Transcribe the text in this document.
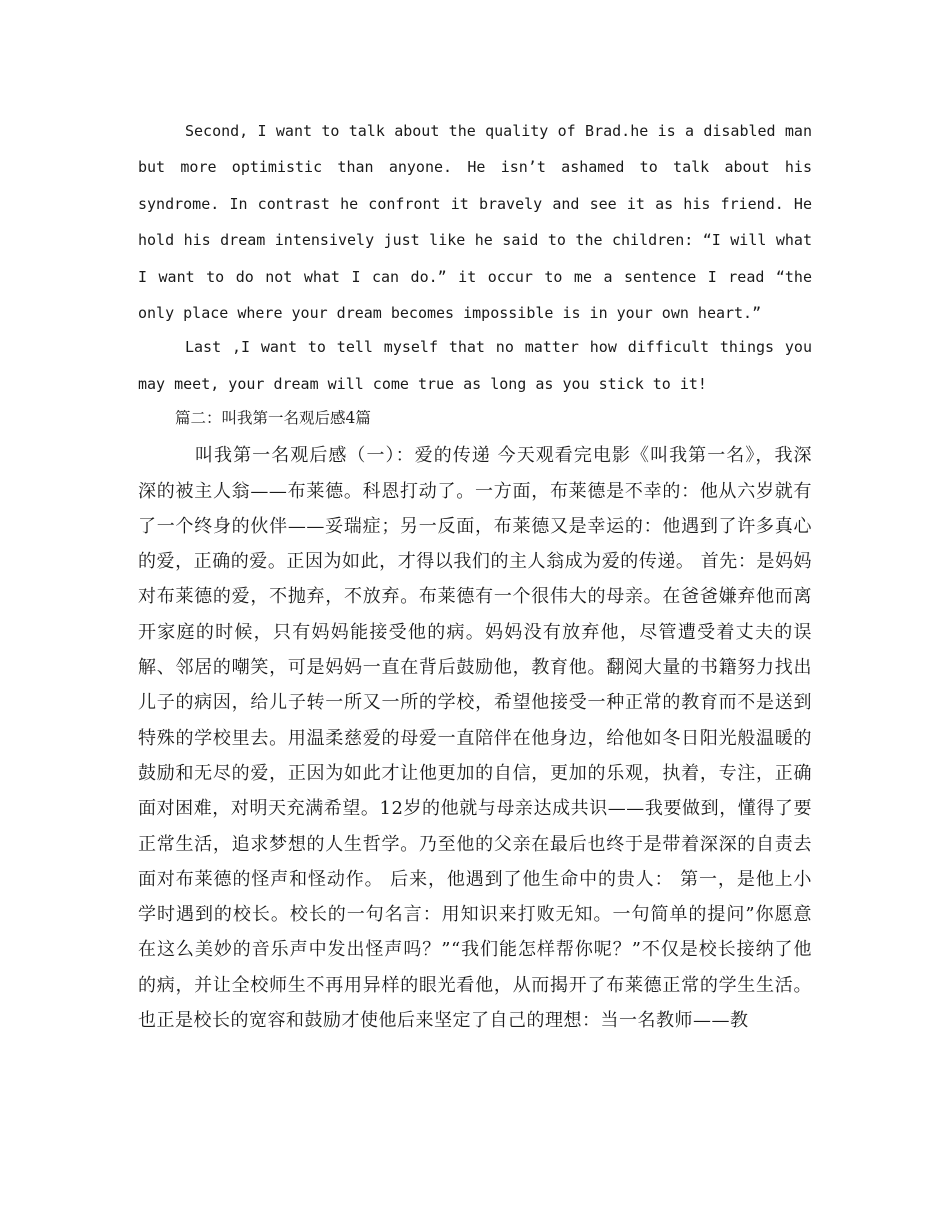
Second, I want to talk about the quality of Brad.he is a disabled man but more optimistic than anyone. He isn’t ashamed to talk about his syndrome. In contrast he confront it bravely and see it as his friend. He hold his dream intensively just like he said to the children: “I will what I want to do not what I can do.” it occur to me a sentence I read “the only place where your dream becomes impossible is in your own heart.”

Last ,I want to tell myself that no matter how difficult things you may meet, your dream will come true as long as you stick to it!

篇二：叫我第一名观后感4篇

叫我第一名观后感（一）：爱的传递 今天观看完电影《叫我第一名》，我深深的被主人翁——布莱德。科恩打动了。一方面，布莱德是不幸的：他从六岁就有了一个终身的伙伴——妥瑞症；另一反面，布莱德又是幸运的：他遇到了许多真心的爱，正确的爱。正因为如此，才得以我们的主人翁成为爱的传递。 首先：是妈妈对布莱德的爱，不抛弃，不放弃。布莱德有一个很伟大的母亲。在爸爸嫌弃他而离开家庭的时候，只有妈妈能接受他的病。妈妈没有放弃他，尽管遭受着丈夫的误解、邻居的嘲笑，可是妈妈一直在背后鼓励他，教育他。翻阅大量的书籍努力找出儿子的病因，给儿子转一所又一所的学校，希望他接受一种正常的教育而不是送到特殊的学校里去。用温柔慈爱的母爱一直陪伴在他身边，给他如冬日阳光般温暖的鼓励和无尽的爱，正因为如此才让他更加的自信，更加的乐观，执着，专注，正确面对困难，对明天充满希望。12岁的他就与母亲达成共识——我要做到，懂得了要正常生活，追求梦想的人生哲学。乃至他的父亲在最后也终于是带着深深的自责去面对布莱德的怪声和怪动作。 后来，他遇到了他生命中的贵人： 第一，是他上小学时遇到的校长。校长的一句名言：用知识来打败无知。一句简单的提问”你愿意在这么美妙的音乐声中发出怪声吗？”“我们能怎样帮你呢？”不仅是校长接纳了他的病，并让全校师生不再用异样的眼光看他，从而揭开了布莱德正常的学生生活。也正是校长的宽容和鼓励才使他后来坚定了自己的理想：当一名教师——教
